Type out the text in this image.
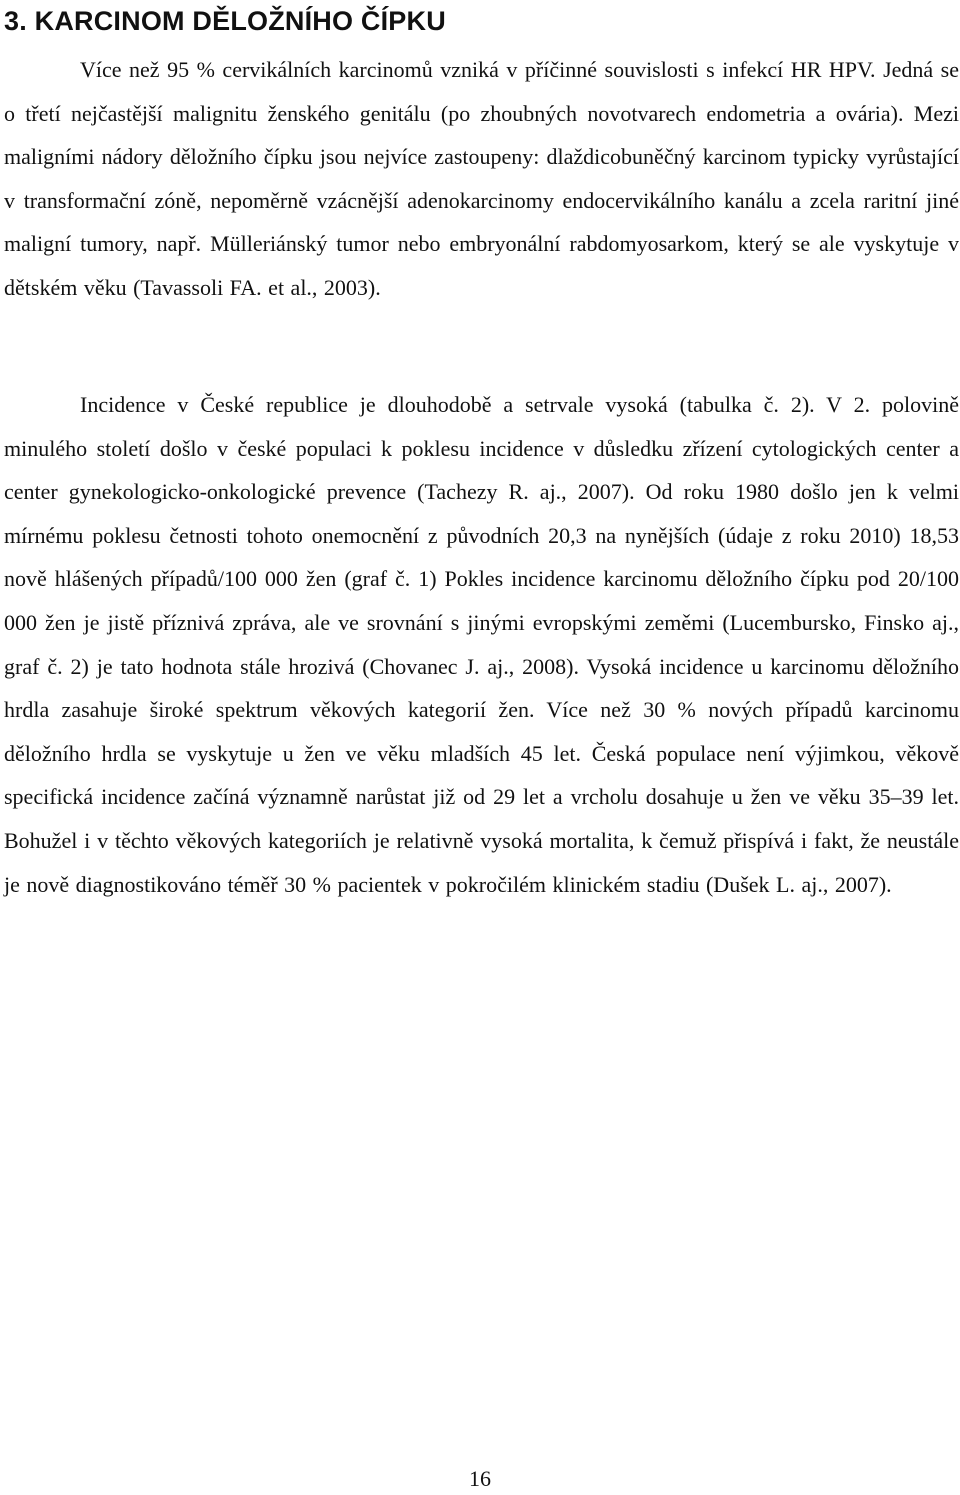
3. KARCINOM DĚLOŽNÍHO ČÍPKU

Více než 95 % cervikálních karcinomů vzniká v příčinné souvislosti s infekcí HR HPV. Jedná se o třetí nejčastější malignitu ženského genitálu (po zhoubných novotvarech endometria a ovária). Mezi maligními nádory děložního čípku jsou nejvíce zastoupeny: dlaždicobuněčný karcinom typicky vyrůstající v transformační zóně, nepoměrně vzácnější adenokarcinomy endocervikálního kanálu a zcela raritní jiné maligní tumory, např. Mülleriánský tumor nebo embryonální rabdomyosarkom, který se ale vyskytuje v dětském věku (Tavassoli FA. et al., 2003).

Incidence v České republice je dlouhodobě a setrvale vysoká (tabulka č. 2). V 2. polovině minulého století došlo v české populaci k poklesu incidence v důsledku zřízení cytologických center a center gynekologicko-onkologické prevence (Tachezy R. aj., 2007). Od roku 1980 došlo jen k velmi mírnému poklesu četnosti tohoto onemocnění z původních 20,3 na nynějších (údaje z roku 2010) 18,53 nově hlášených případů/100 000 žen (graf č. 1) Pokles incidence karcinomu děložního čípku pod 20/100 000 žen je jistě příznivá zpráva, ale ve srovnání s jinými evropskými zeměmi (Lucembursko, Finsko aj., graf č. 2) je tato hodnota stále hrozivá (Chovanec J. aj., 2008). Vysoká incidence u karcinomu děložního hrdla zasahuje široké spektrum věkových kategorií žen. Více než 30 % nových případů karcinomu děložního hrdla se vyskytuje u žen ve věku mladších 45 let. Česká populace není výjimkou, věkově specifická incidence začíná významně narůstat již od 29 let a vrcholu dosahuje u žen ve věku 35–39 let. Bohužel i v těchto věkových kategoriích je relativně vysoká mortalita, k čemuž přispívá i fakt, že neustále je nově diagnostikováno téměř 30 % pacientek v pokročilém klinickém stadiu (Dušek L. aj., 2007).

16
